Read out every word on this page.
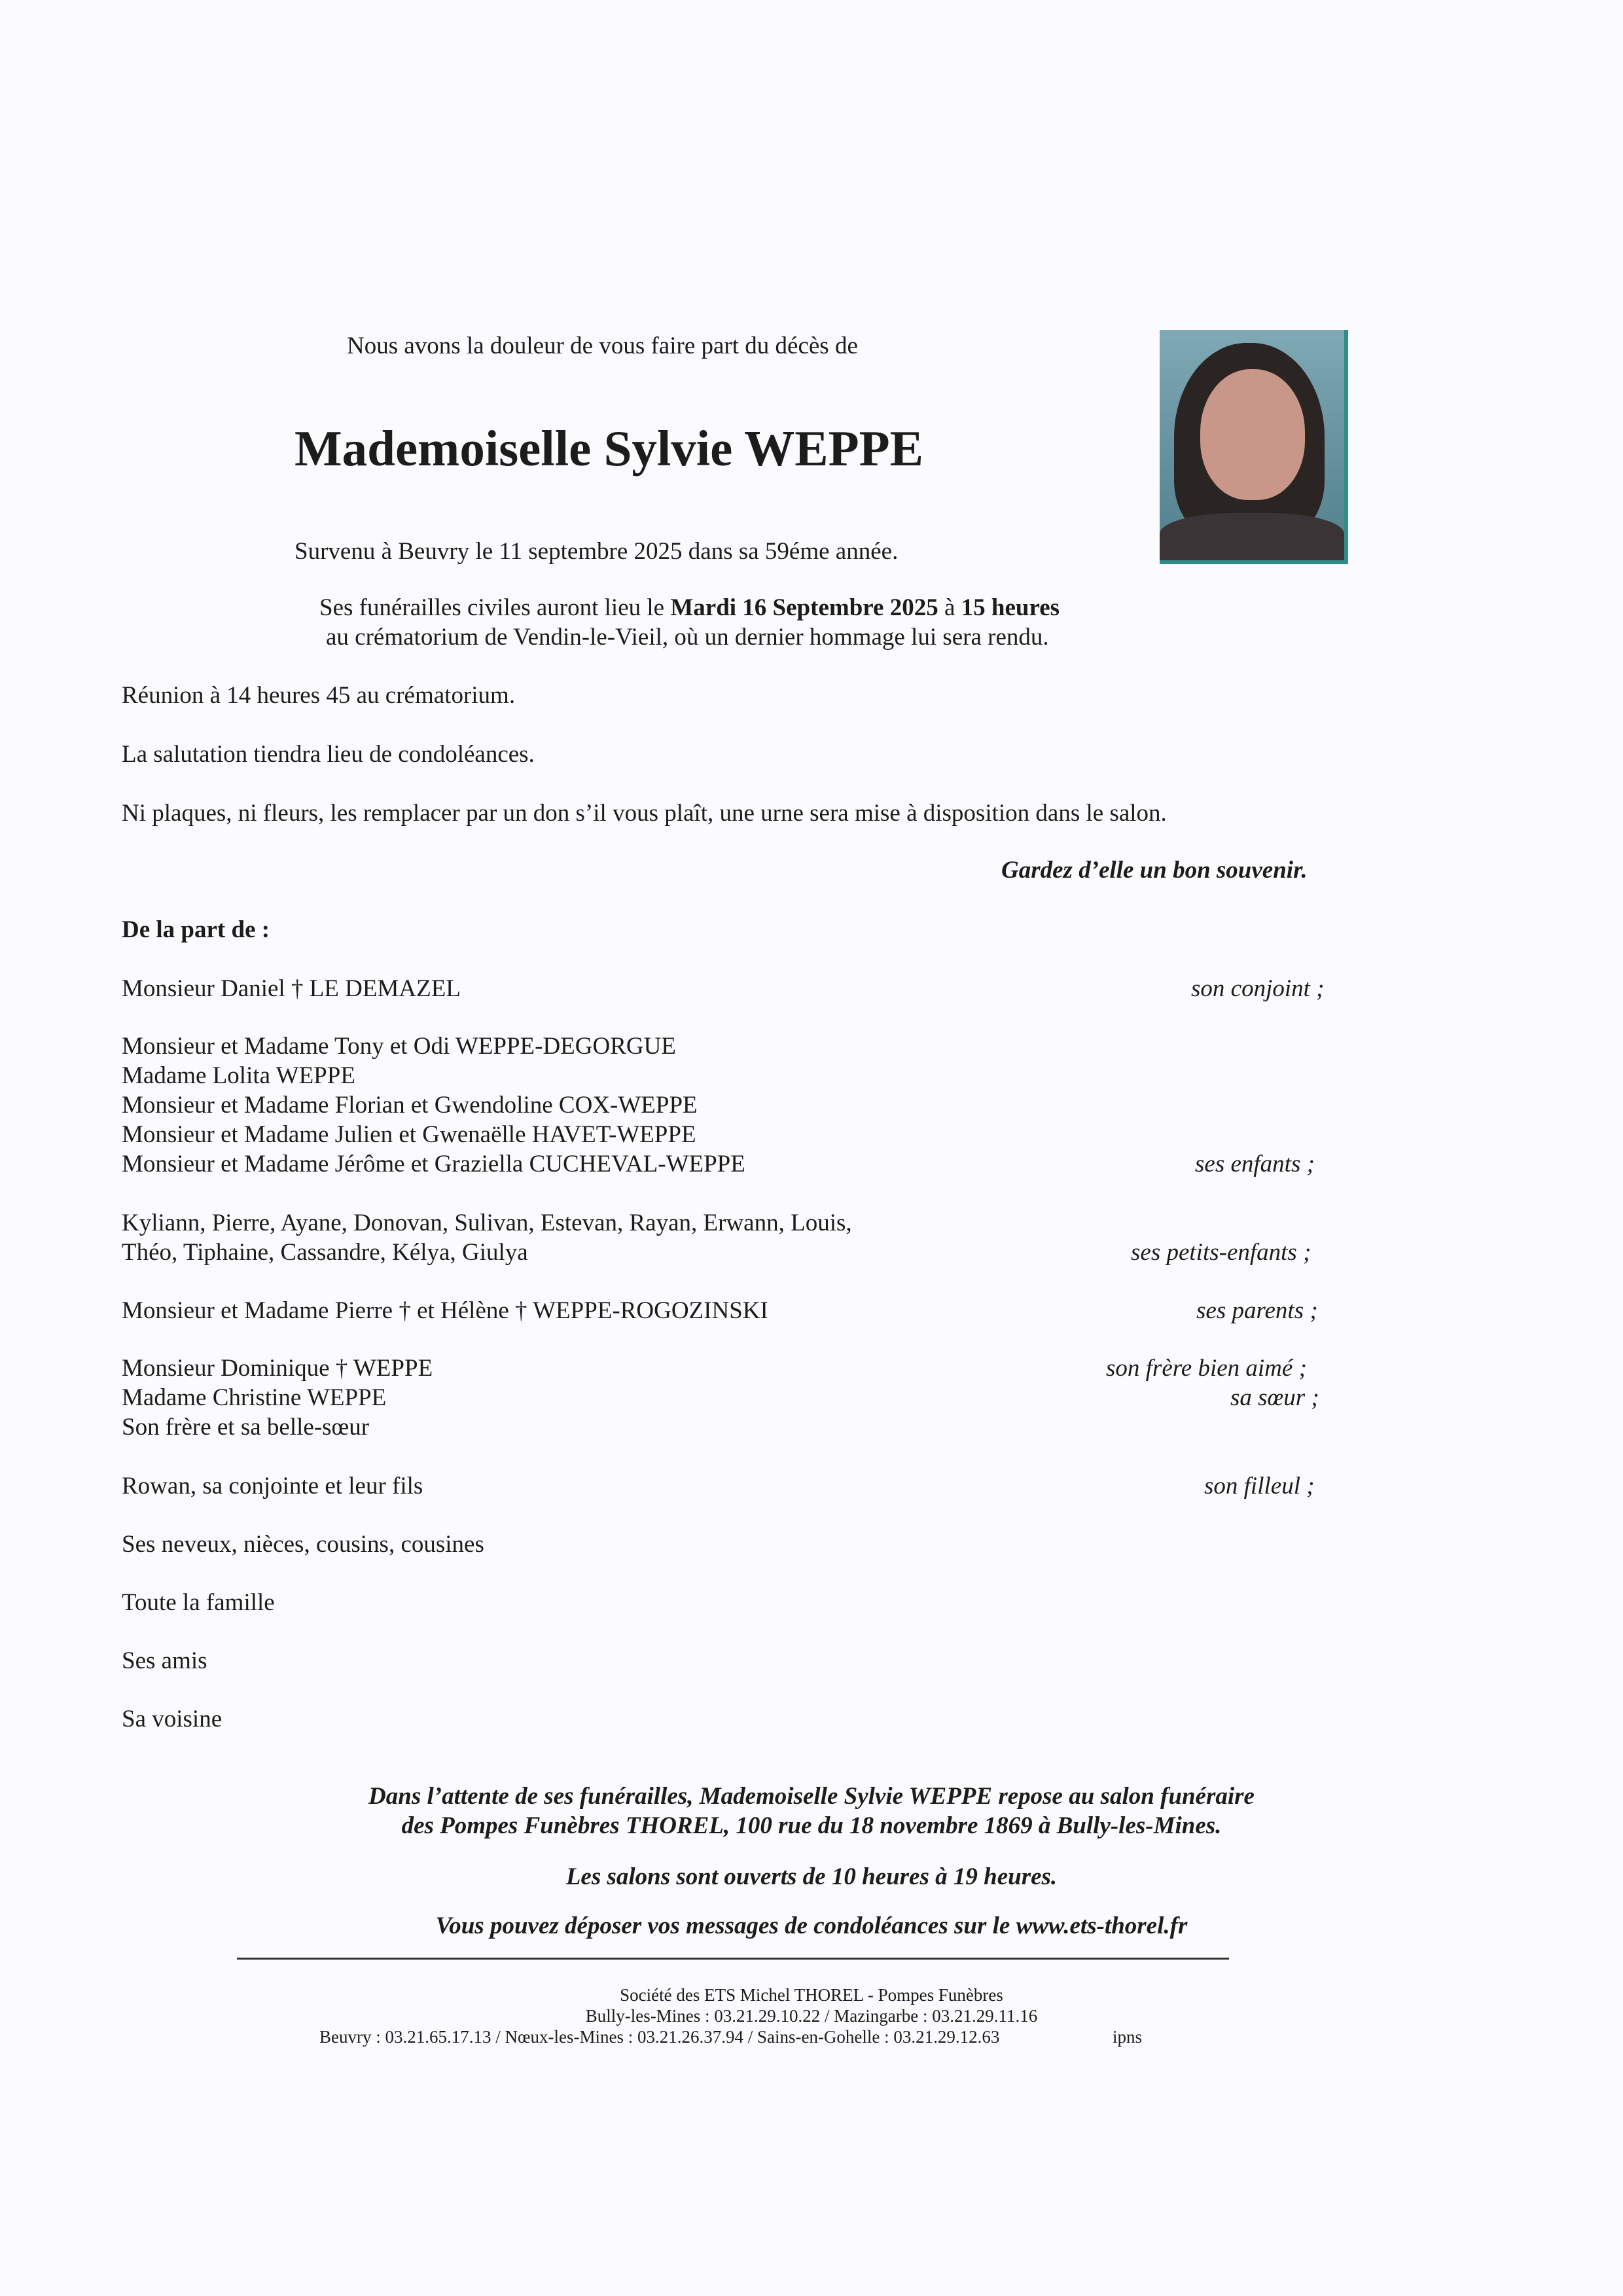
Nous avons la douleur de vous faire part du décès de

Mademoiselle Sylvie WEPPE

Survenu à Beuvry le 11 septembre 2025 dans sa 59éme année.

Ses funérailles civiles auront lieu le Mardi 16 Septembre 2025 à 15 heures

au crématorium de Vendin-le-Vieil, où un dernier hommage lui sera rendu.

Réunion à 14 heures 45 au crématorium.

La salutation tiendra lieu de condoléances.

Ni plaques, ni fleurs, les remplacer par un don s’il vous plaît, une urne sera mise à disposition dans le salon.

Gardez d’elle un bon souvenir.

De la part de :

Monsieur Daniel † LE DEMAZEL	son conjoint ;

Monsieur et Madame Tony et Odi WEPPE-DEGORGUE

Madame Lolita WEPPE

Monsieur et Madame Florian et Gwendoline COX-WEPPE

Monsieur et Madame Julien et Gwenaëlle HAVET-WEPPE

Monsieur et Madame Jérôme et Graziella CUCHEVAL-WEPPE	ses enfants ;

Kyliann, Pierre, Ayane, Donovan, Sulivan, Estevan, Rayan, Erwann, Louis,

Théo, Tiphaine, Cassandre, Kélya, Giulya	ses petits-enfants ;

Monsieur et Madame Pierre † et Hélène † WEPPE-ROGOZINSKI	ses parents ;

Monsieur Dominique † WEPPE	son frère bien aimé ;

Madame Christine WEPPE	sa sœur ;

Son frère et sa belle-sœur

Rowan, sa conjointe et leur fils	son filleul ;

Ses neveux, nièces, cousins, cousines

Toute la famille

Ses amis

Sa voisine

Dans l’attente de ses funérailles, Mademoiselle Sylvie WEPPE repose au salon funéraire

des Pompes Funèbres THOREL, 100 rue du 18 novembre 1869 à Bully-les-Mines.

Les salons sont ouverts de 10 heures à 19 heures.

Vous pouvez déposer vos messages de condoléances sur le www.ets-thorel.fr

Société des ETS Michel THOREL - Pompes Funèbres

Bully-les-Mines : 03.21.29.10.22 / Mazingarbe : 03.21.29.11.16

Beuvry : 03.21.65.17.13 / Nœux-les-Mines : 03.21.26.37.94 / Sains-en-Gohelle : 03.21.29.12.63	ipns
